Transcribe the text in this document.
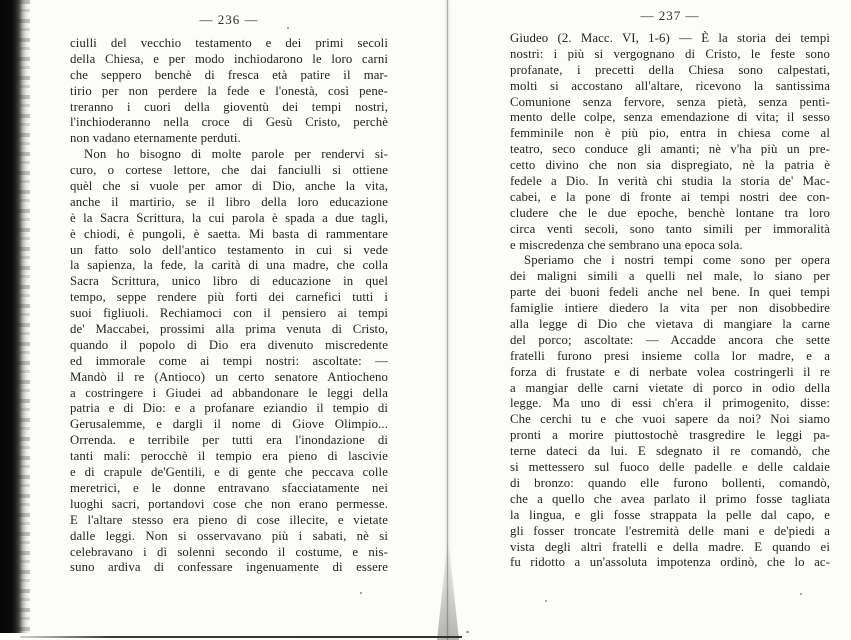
— 236 —
ciulli del vecchio testamento e dei primi secoli
della Chiesa, e per modo inchiodarono le loro carni
che seppero benchè di fresca età patire il mar-
tirio per non perdere la fede e l'onestà, così pene-
treranno i cuori della gioventù dei tempi nostri,
l'inchioderanno nella croce di Gesù Cristo, perchè
non vadano eternamente perduti.
Non ho bisogno di molte parole per rendervi si-
curo, o cortese lettore, che dai fanciulli si ottiene
quèl che si vuole per amor di Dio, anche la vita,
anche il martirio, se il libro della loro educazione
è la Sacra Scrittura, la cui parola è spada a due tagli,
è chiodi, è pungoli, è saetta. Mi basta di rammentare
un fatto solo dell'antico testamento in cui si vede
la sapienza, la fede, la carità di una madre, che colla
Sacra Scrittura, unico libro di educazione in quel
tempo, seppe rendere più forti dei carnefici tutti i
suoi figliuoli. Rechiamoci con il pensiero ai tempi
de' Maccabei, prossimi alla prima venuta di Cristo,
quando il popolo di Dio era divenuto miscredente
ed immorale come ai tempi nostri: ascoltate: —
Mandò il re (Antioco) un certo senatore Antiocheno
a costringere i Giudei ad abbandonare le leggi della
patria e di Dio: e a profanare eziandio il tempio di
Gerusalemme, e dargli il nome di Giove Olimpio...
Orrenda. e terribile per tutti era l'inondazione di
tanti mali: perocchè il tempio era pieno di lascivie
e di crapule de'Gentili, e di gente che peccava colle
meretrici, e le donne entravano sfacciatamente nei
luoghi sacri, portandovi cose che non erano permesse.
E l'altare stesso era pieno di cose illecite, e vietate
dalle leggi. Non si osservavano più i sabati, nè si
celebravano i dì solenni secondo il costume, e nis-
suno ardiva di confessare ingenuamente di essere
— 237 —
Giudeo (2. Macc. VI, 1-6) — È la storia dei tempi
nostri: i più si vergognano di Cristo, le feste sono
profanate, i precetti della Chiesa sono calpestati,
molti si accostano all'altare, ricevono la santissima
Comunione senza fervore, senza pietà, senza penti-
mento delle colpe, senza emendazione di vita; il sesso
femminile non è più pio, entra in chiesa come al
teatro, seco conduce gli amanti; nè v'ha più un pre-
cetto divino che non sia dispregiato, nè la patria è
fedele a Dio. In verità chi studia la storia de' Mac-
cabei, e la pone di fronte ai tempi nostri dee con-
cludere che le due epoche, benchè lontane tra loro
circa venti secoli, sono tanto simili per immoralità
e miscredenza che sembrano una epoca sola.
Speriamo che i nostri tempi come sono per opera
dei maligni simili a quelli nel male, lo siano per
parte dei buoni fedeli anche nel bene. In quei tempi
famiglie intiere diedero la vita per non disobbedire
alla legge di Dio che vietava di mangiare la carne
del porco; ascoltate: — Accadde ancora che sette
fratelli furono presi insieme colla lor madre, e a
forza di frustate e di nerbate volea costringerli il re
a mangiar delle carni vietate di porco in odio della
legge. Ma uno di essi ch'era il primogenito, disse:
Che cerchi tu e che vuoi sapere da noi? Noi siamo
pronti a morire piuttostochè trasgredire le leggi pa-
terne dateci da lui. E sdegnato il re comandò, che
si mettessero sul fuoco delle padelle e delle caldaie
di bronzo: quando elle furono bollenti, comandò,
che a quello che avea parlato il primo fosse tagliata
la lingua, e gli fosse strappata la pelle dal capo, e
gli fosser troncate l'estremità delle mani e de'piedi a
vista degli altri fratelli e della madre. E quando ei
fu ridotto a un'assoluta impotenza ordinò, che lo ac-
